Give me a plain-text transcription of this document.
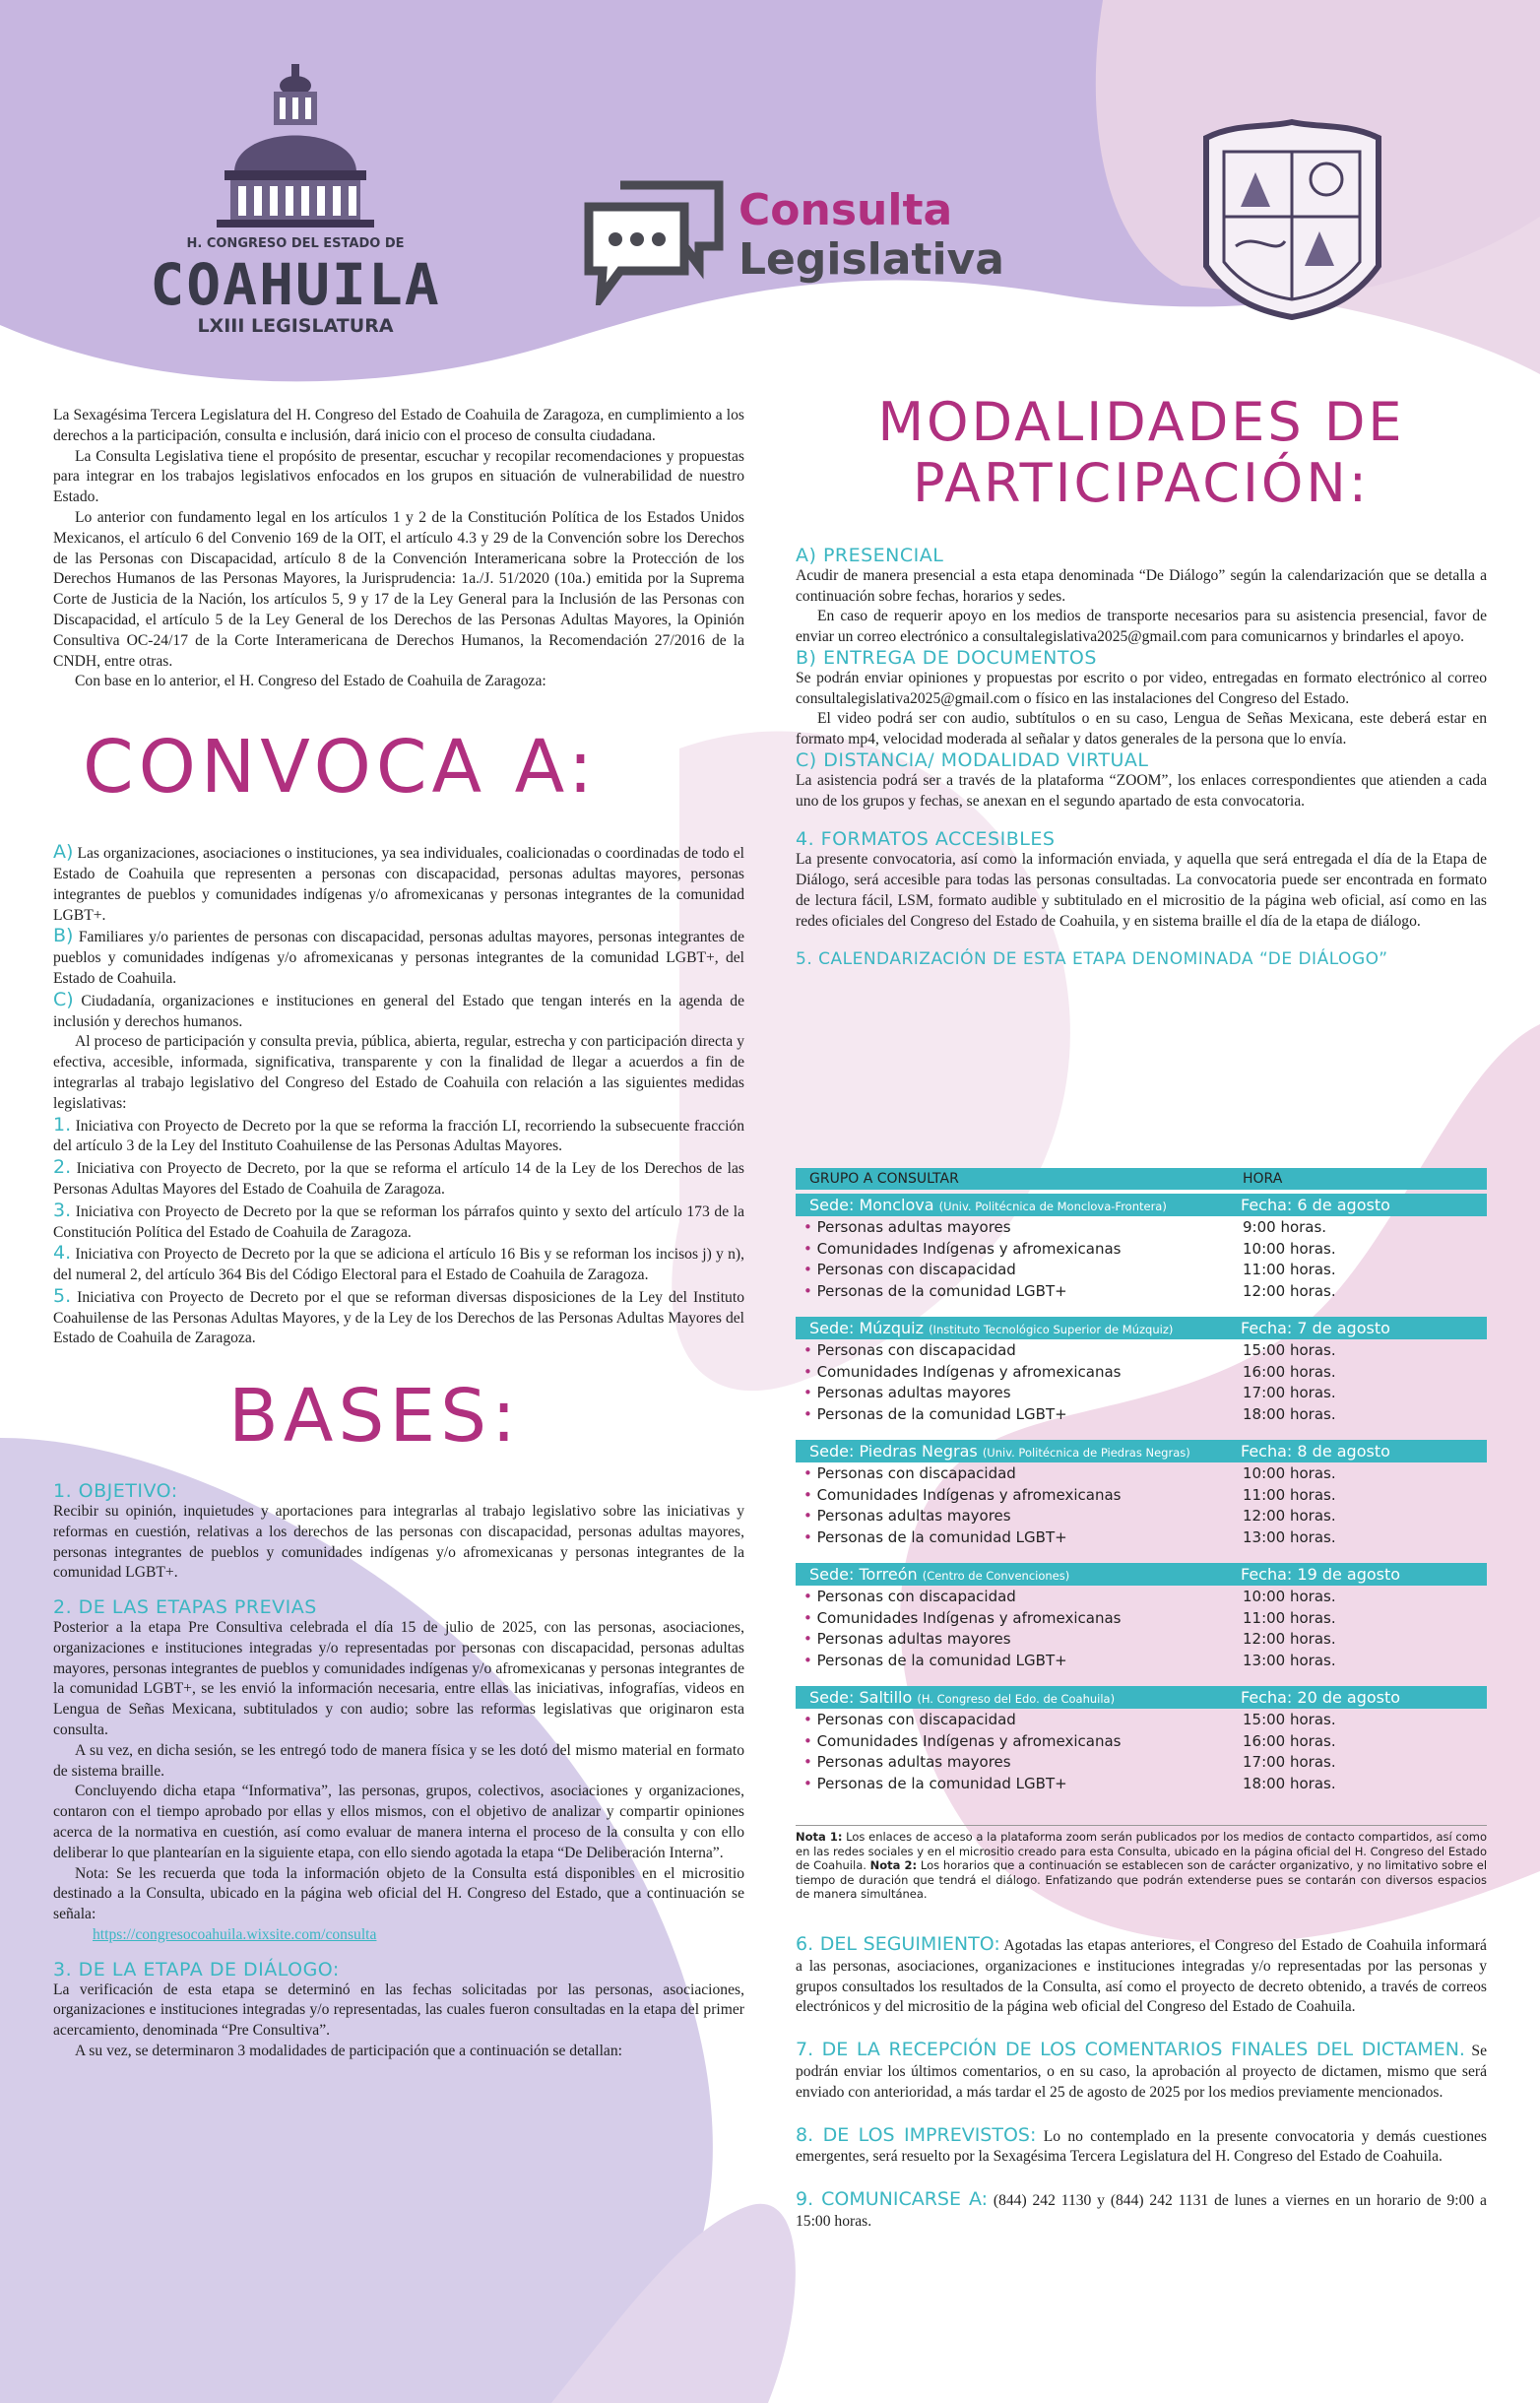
H. CONGRESO DEL ESTADO DE
COAHUILA
LXIII LEGISLATURA
Consulta
Legislativa

La Sexagésima Tercera Legislatura del H. Congreso del Estado de Coahuila de Zaragoza, en cumplimiento a los derechos a la participación, consulta e inclusión, dará inicio con el proceso de consulta ciudadana.

La Consulta Legislativa tiene el propósito de presentar, escuchar y recopilar recomendaciones y propuestas para integrar en los trabajos legislativos enfocados en los grupos en situación de vulnerabilidad de nuestro Estado.

Lo anterior con fundamento legal en los artículos 1 y 2 de la Constitución Política de los Estados Unidos Mexicanos, el artículo 6 del Convenio 169 de la OIT, el artículo 4.3 y 29 de la Convención sobre los Derechos de las Personas con Discapacidad, artículo 8 de la Convención Interamericana sobre la Protección de los Derechos Humanos de las Personas Mayores, la Jurisprudencia: 1a./J. 51/2020 (10a.) emitida por la Suprema Corte de Justicia de la Nación, los artículos 5, 9 y 17 de la Ley General para la Inclusión de las Personas con Discapacidad, el artículo 5 de la Ley General de los Derechos de las Personas Adultas Mayores, la Opinión Consultiva OC-24/17 de la Corte Interamericana de Derechos Humanos, la Recomendación 27/2016 de la CNDH, entre otras.

Con base en lo anterior, el H. Congreso del Estado de Coahuila de Zaragoza:

CONVOCA A:

A) Las organizaciones, asociaciones o instituciones, ya sea individuales, coalicionadas o coordinadas de todo el Estado de Coahuila que representen a personas con discapacidad, personas adultas mayores, personas integrantes de pueblos y comunidades indígenas y/o afromexicanas y personas integrantes de la comunidad LGBT+.

B) Familiares y/o parientes de personas con discapacidad, personas adultas mayores, personas integrantes de pueblos y comunidades indígenas y/o afromexicanas y personas integrantes de la comunidad LGBT+, del Estado de Coahuila.

C) Ciudadanía, organizaciones e instituciones en general del Estado que tengan interés en la agenda de inclusión y derechos humanos.

Al proceso de participación y consulta previa, pública, abierta, regular, estrecha y con participación directa y efectiva, accesible, informada, significativa, transparente y con la finalidad de llegar a acuerdos a fin de integrarlas al trabajo legislativo del Congreso del Estado de Coahuila con relación a las siguientes medidas legislativas:

1. Iniciativa con Proyecto de Decreto por la que se reforma la fracción LI, recorriendo la subsecuente fracción del artículo 3 de la Ley del Instituto Coahuilense de las Personas Adultas Mayores.

2. Iniciativa con Proyecto de Decreto, por la que se reforma el artículo 14 de la Ley de los Derechos de las Personas Adultas Mayores del Estado de Coahuila de Zaragoza.

3. Iniciativa con Proyecto de Decreto por la que se reforman los párrafos quinto y sexto del artículo 173 de la Constitución Política del Estado de Coahuila de Zaragoza.

4. Iniciativa con Proyecto de Decreto por la que se adiciona el artículo 16 Bis y se reforman los incisos j) y n), del numeral 2, del artículo 364 Bis del Código Electoral para el Estado de Coahuila de Zaragoza.

5. Iniciativa con Proyecto de Decreto por el que se reforman diversas disposiciones de la Ley del Instituto Coahuilense de las Personas Adultas Mayores, y de la Ley de los Derechos de las Personas Adultas Mayores del Estado de Coahuila de Zaragoza.

BASES:
1. OBJETIVO:

Recibir su opinión, inquietudes y aportaciones para integrarlas al trabajo legislativo sobre las iniciativas y reformas en cuestión, relativas a los derechos de las personas con discapacidad, personas adultas mayores, personas integrantes de pueblos y comunidades indígenas y/o afromexicanas y personas integrantes de la comunidad LGBT+.

2. DE LAS ETAPAS PREVIAS

Posterior a la etapa Pre Consultiva celebrada el día 15 de julio de 2025, con las personas, asociaciones, organizaciones e instituciones integradas y/o representadas por personas con discapacidad, personas adultas mayores, personas integrantes de pueblos y comunidades indígenas y/o afromexicanas y personas integrantes de la comunidad LGBT+, se les envió la información necesaria, entre ellas las iniciativas, infografías, videos en Lengua de Señas Mexicana, subtitulados y con audio; sobre las reformas legislativas que originaron esta consulta.

A su vez, en dicha sesión, se les entregó todo de manera física y se les dotó del mismo material en formato de sistema braille.

Concluyendo dicha etapa “Informativa”, las personas, grupos, colectivos, asociaciones y organizaciones, contaron con el tiempo aprobado por ellas y ellos mismos, con el objetivo de analizar y compartir opiniones acerca de la normativa en cuestión, así como evaluar de manera interna el proceso de la consulta y con ello deliberar lo que plantearían en la siguiente etapa, con ello siendo agotada la etapa “De Deliberación Interna”.

Nota: Se les recuerda que toda la información objeto de la Consulta está disponibles en el micrositio destinado a la Consulta, ubicado en la página web oficial del H. Congreso del Estado, que a continuación se señala:

https://congresocoahuila.wixsite.com/consulta

3. DE LA ETAPA DE DIÁLOGO:

La verificación de esta etapa se determinó en las fechas solicitadas por las personas, asociaciones, organizaciones e instituciones integradas y/o representadas, las cuales fueron consultadas en la etapa del primer acercamiento, denominada “Pre Consultiva”.

A su vez, se determinaron 3 modalidades de participación que a continuación se detallan:

MODALIDADES DE
PARTICIPACIÓN:
A) PRESENCIAL

Acudir de manera presencial a esta etapa denominada “De Diálogo” según la calendarización que se detalla a continuación sobre fechas, horarios y sedes.

En caso de requerir apoyo en los medios de transporte necesarios para su asistencia presencial, favor de enviar un correo electrónico a consultalegislativa2025@gmail.com para comunicarnos y brindarles el apoyo.

B) ENTREGA DE DOCUMENTOS

Se podrán enviar opiniones y propuestas por escrito o por video, entregadas en formato electrónico al correo consultalegislativa2025@gmail.com o físico en las instalaciones del Congreso del Estado.

El video podrá ser con audio, subtítulos o en su caso, Lengua de Señas Mexicana, este deberá estar en formato mp4, velocidad moderada al señalar y datos generales de la persona que lo envía.

C) DISTANCIA/ MODALIDAD VIRTUAL

La asistencia podrá ser a través de la plataforma “ZOOM”, los enlaces correspondientes que atienden a cada uno de los grupos y fechas, se anexan en el segundo apartado de esta convocatoria.

4. FORMATOS ACCESIBLES

La presente convocatoria, así como la información enviada, y aquella que será entregada el día de la Etapa de Diálogo, será accesible para todas las personas consultadas. La convocatoria puede ser encontrada en formato de lectura fácil, LSM, formato audible y subtitulado en el micrositio de la página web oficial, así como en las redes oficiales del Congreso del Estado de Coahuila, y en sistema braille el día de la etapa de diálogo.

5. CALENDARIZACIÓN DE ESTA ETAPA DENOMINADA “DE DIÁLOGO”
GRUPO A CONSULTAR	HORA
Sede: Monclova (Univ. Politécnica de Monclova-Frontera)	Fecha: 6 de agosto
• Personas adultas mayores	9:00 horas.
• Comunidades Indígenas y afromexicanas	10:00 horas.
• Personas con discapacidad	11:00 horas.
• Personas de la comunidad LGBT+	12:00 horas.
Sede: Múzquiz (Instituto Tecnológico Superior de Múzquiz)	Fecha: 7 de agosto
• Personas con discapacidad	15:00 horas.
• Comunidades Indígenas y afromexicanas	16:00 horas.
• Personas adultas mayores	17:00 horas.
• Personas de la comunidad LGBT+	18:00 horas.
Sede: Piedras Negras (Univ. Politécnica de Piedras Negras)	Fecha: 8 de agosto
• Personas con discapacidad	10:00 horas.
• Comunidades Indígenas y afromexicanas	11:00 horas.
• Personas adultas mayores	12:00 horas.
• Personas de la comunidad LGBT+	13:00 horas.
Sede: Torreón (Centro de Convenciones)	Fecha: 19 de agosto
• Personas con discapacidad	10:00 horas.
• Comunidades Indígenas y afromexicanas	11:00 horas.
• Personas adultas mayores	12:00 horas.
• Personas de la comunidad LGBT+	13:00 horas.
Sede: Saltillo (H. Congreso del Edo. de Coahuila)	Fecha: 20 de agosto
• Personas con discapacidad	15:00 horas.
• Comunidades Indígenas y afromexicanas	16:00 horas.
• Personas adultas mayores	17:00 horas.
• Personas de la comunidad LGBT+	18:00 horas.
Nota 1: Los enlaces de acceso a la plataforma zoom serán publicados por los medios de contacto compartidos, así como en las redes sociales y en el micrositio creado para esta Consulta, ubicado en la página oficial del H. Congreso del Estado de Coahuila. Nota 2: Los horarios que a continuación se establecen son de carácter organizativo, y no limitativo sobre el tiempo de duración que tendrá el diálogo. Enfatizando que podrán extenderse pues se contarán con diversos espacios de manera simultánea.

6. DEL SEGUIMIENTO: Agotadas las etapas anteriores, el Congreso del Estado de Coahuila informará a las personas, asociaciones, organizaciones e instituciones integradas y/o representadas por las personas y grupos consultados los resultados de la Consulta, así como el proyecto de decreto obtenido, a través de correos electrónicos y del micrositio de la página web oficial del Congreso del Estado de Coahuila.

7. DE LA RECEPCIÓN DE LOS COMENTARIOS FINALES DEL DICTAMEN. Se podrán enviar los últimos comentarios, o en su caso, la aprobación al proyecto de dictamen, mismo que será enviado con anterioridad, a más tardar el 25 de agosto de 2025 por los medios previamente mencionados.

8. DE LOS IMPREVISTOS: Lo no contemplado en la presente convocatoria y demás cuestiones emergentes, será resuelto por la Sexagésima Tercera Legislatura del H. Congreso del Estado de Coahuila.

9. COMUNICARSE A: (844) 242 1130 y (844) 242 1131 de lunes a viernes en un horario de 9:00 a 15:00 horas.
